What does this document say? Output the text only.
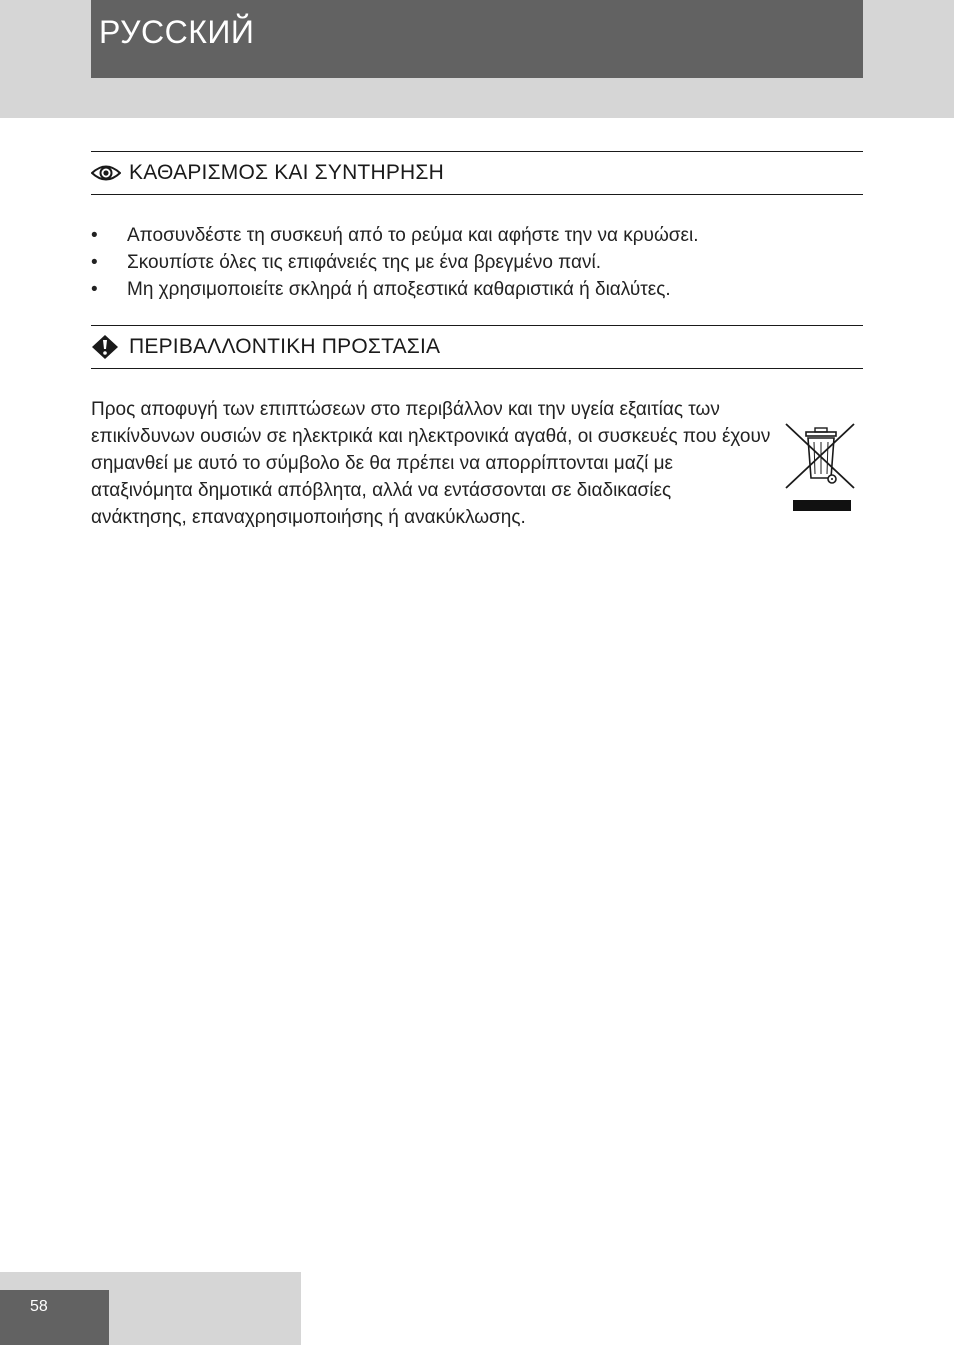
РУССКИЙ
ΚΑΘΑΡΙΣΜΟΣ ΚΑΙ ΣΥΝΤΗΡΗΣΗ
• Αποσυνδέστε τη συσκευή από το ρεύμα και αφήστε την να κρυώσει.
• Σκουπίστε όλες τις επιφάνειές της με ένα βρεγμένο πανί.
• Μη χρησιμοποιείτε σκληρά ή αποξεστικά καθαριστικά ή διαλύτες.
ΠΕΡΙΒΑΛΛΟΝΤΙΚΗ ΠΡΟΣΤΑΣΙΑ

Προς αποφυγή των επιπτώσεων στο περιβάλλον και την υγεία εξαιτίας των επικίνδυνων ουσιών σε ηλεκτρικά και ηλεκτρονικά αγαθά, οι συσκευές που έχουν σημανθεί με αυτό το σύμβολο δε θα πρέπει να απορρίπτονται μαζί με αταξινόμητα δημοτικά απόβλητα, αλλά να εντάσσονται σε διαδικασίες ανάκτησης, επαναχρησιμοποιήσης ή ανακύκλωσης.

58
